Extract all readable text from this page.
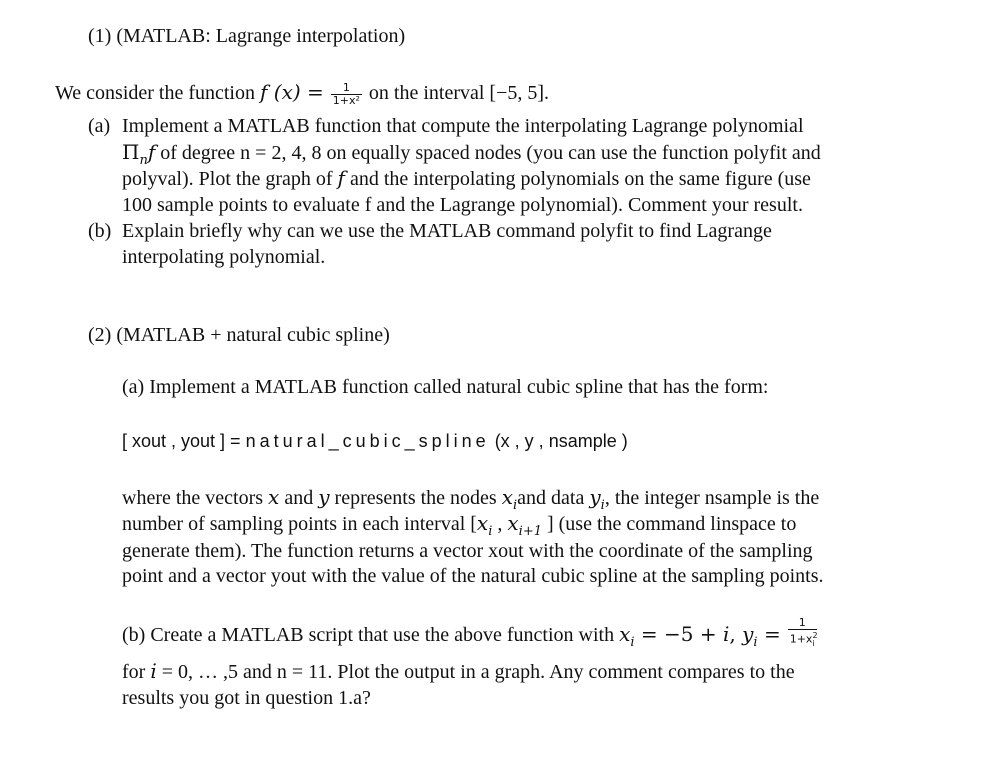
(1) (MATLAB: Lagrange interpolation)
We consider the function f $(x) = \frac{1}{\text{1+x²}}$ on the interval [−5, 5].
(a) Implement a MATLAB function that compute the interpolating Lagrange polynomial
$\Pi_nf$ of degree n = 2, 4, 8 on equally spaced nodes (you can use the function polyfit and
polyval). Plot the graph of f and the interpolating polynomials on the same figure (use
100 sample points to evaluate f and the Lagrange polynomial). Comment your result.
(b) Explain briefly why can we use the MATLAB command polyfit to find Lagrange
interpolating polynomial.
(2) (MATLAB + natural cubic spline)
(a) Implement a MATLAB function called natural cubic spline that has the form:
[ xout , yout ] = natural_cubic_spline (x , y , nsample )
where the vectors x and y represents the nodes $x_iand$ data $y_i$, the integer nsample is the
number of sampling points in each interval [$x_i$ , $x_{i+1}$ ] (use the command linspace to
generate them). The function returns a vector xout with the coordinate of the sampling
point and a vector yout with the value of the natural cubic spline at the sampling points.
(b) Create a MATLAB script that use the above function with $x_i = -5 + i$, $y_i = \frac{1}{1+x^2_i}$
for i = 0, … ,5 and n = 11. Plot the output in a graph. Any comment compares to the
results you got in question 1.a?
